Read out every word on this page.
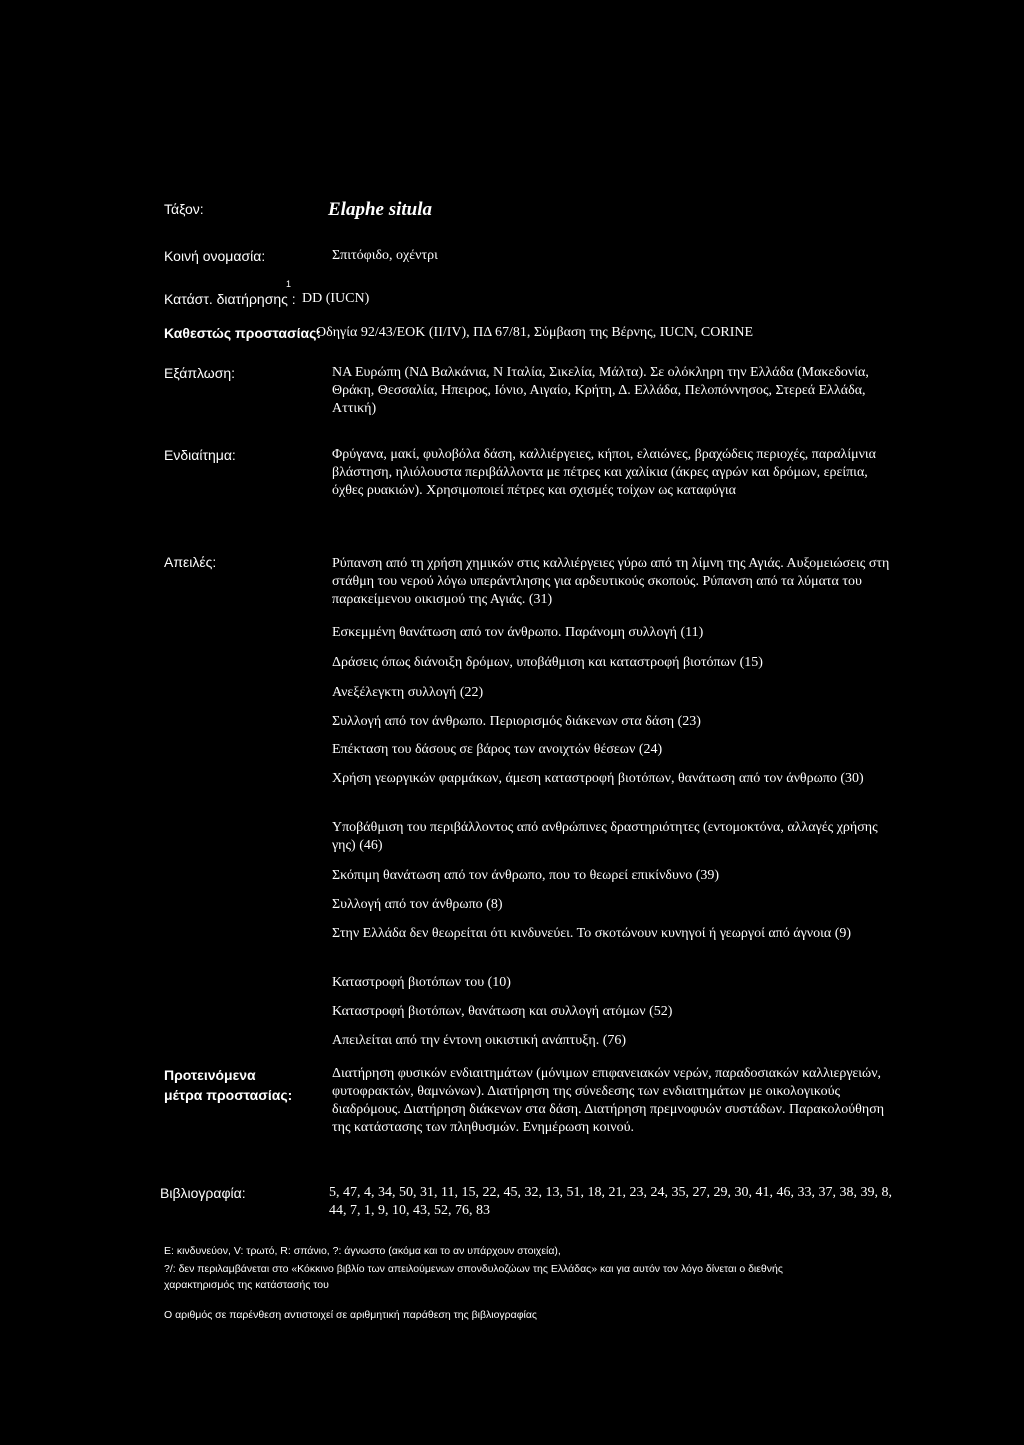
Τάξον:	Elaphe situla
Κοινή ονομασία:	Σπιτόφιδο, οχέντρι
1
Κατάστ. διατήρησης : DD (IUCN)
Καθεστώς προστασίας:
Οδηγία 92/43/ΕΟΚ (II/IV), ΠΔ 67/81, Σύμβαση της Βέρνης, IUCN, CORINE
Εξάπλωση:	ΝΑ Ευρώπη (ΝΔ Βαλκάνια, Ν Ιταλία, Σικελία, Μάλτα). Σε ολόκληρη την Ελλάδα (Μακεδονία, Θράκη, Θεσσαλία, Ηπειρος, Ιόνιο, Αιγαίο, Κρήτη, Δ. Ελλάδα, Πελοπόννησος, Στερεά Ελλάδα, Αττική)
Ενδιαίτημα:	Φρύγανα, μακί, φυλοβόλα δάση, καλλιέργειες, κήποι, ελαιώνες, βραχώδεις περιοχές, παραλίμνια βλάστηση, ηλιόλουστα περιβάλλοντα με πέτρες και χαλίκια (άκρες αγρών και δρόμων, ερείπια, όχθες ρυακιών). Χρησιμοποιεί πέτρες και σχισμές τοίχων ως καταφύγια
Απειλές:	Ρύπανση από τη χρήση χημικών στις καλλιέργειες γύρω από τη λίμνη της Αγιάς. Αυξομειώσεις στη στάθμη του νερού λόγω υπεράντλησης για αρδευτικούς σκοπούς. Ρύπανση από τα λύματα του παρακείμενου οικισμού της Αγιάς. (31)
Εσκεμμένη θανάτωση από τον άνθρωπο. Παράνομη συλλογή (11)
Δράσεις όπως διάνοιξη δρόμων, υποβάθμιση και καταστροφή βιοτόπων (15)
Ανεξέλεγκτη συλλογή (22)
Συλλογή από τον άνθρωπο. Περιορισμός διάκενων στα δάση (23)
Επέκταση του δάσους σε βάρος των ανοιχτών θέσεων (24)
Χρήση γεωργικών φαρμάκων, άμεση καταστροφή βιοτόπων, θανάτωση από τον άνθρωπο (30)
Υποβάθμιση του περιβάλλοντος από ανθρώπινες δραστηριότητες (εντομοκτόνα, αλλαγές χρήσης γης) (46)
Σκόπιμη θανάτωση από τον άνθρωπο, που το θεωρεί επικίνδυνο (39)
Συλλογή από τον άνθρωπο (8)
Στην Ελλάδα δεν θεωρείται ότι κινδυνεύει. Το σκοτώνουν κυνηγοί ή γεωργοί από άγνοια (9)
Καταστροφή βιοτόπων του (10)
Καταστροφή βιοτόπων, θανάτωση και συλλογή ατόμων (52)
Απειλείται από την έντονη οικιστική ανάπτυξη. (76)
Προτεινόμενα
μέτρα προστασίας:
Διατήρηση φυσικών ενδιαιτημάτων (μόνιμων επιφανειακών νερών, παραδοσιακών καλλιεργειών, φυτοφρακτών, θαμνώνων). Διατήρηση της σύνεδεσης των ενδιαιτημάτων με οικολογικούς διαδρόμους. Διατήρηση διάκενων στα δάση. Διατήρηση πρεμνοφυών συστάδων. Παρακολούθηση της κατάστασης των πληθυσμών. Ενημέρωση κοινού.
Βιβλιογραφία:	5, 47, 4, 34, 50, 31, 11, 15, 22, 45, 32, 13, 51, 18, 21, 23, 24, 35, 27, 29, 30, 41, 46, 33, 37, 38, 39, 8, 44, 7, 1, 9, 10, 43, 52, 76, 83
E: κινδυνεύον, V: τρωτό, R: σπάνιο, ?: άγνωστο (ακόμα και το αν υπάρχουν στοιχεία),
?/: δεν περιλαμβάνεται στο «Κόκκινο βιβλίο των απειλούμενων σπονδυλοζώων της Ελλάδας» και για αυτόν τον λόγο δίνεται ο διεθνής χαρακτηρισμός της κατάστασής του
Ο αριθμός σε παρένθεση αντιστοιχεί σε αριθμητική παράθεση της βιβλιογραφίας
